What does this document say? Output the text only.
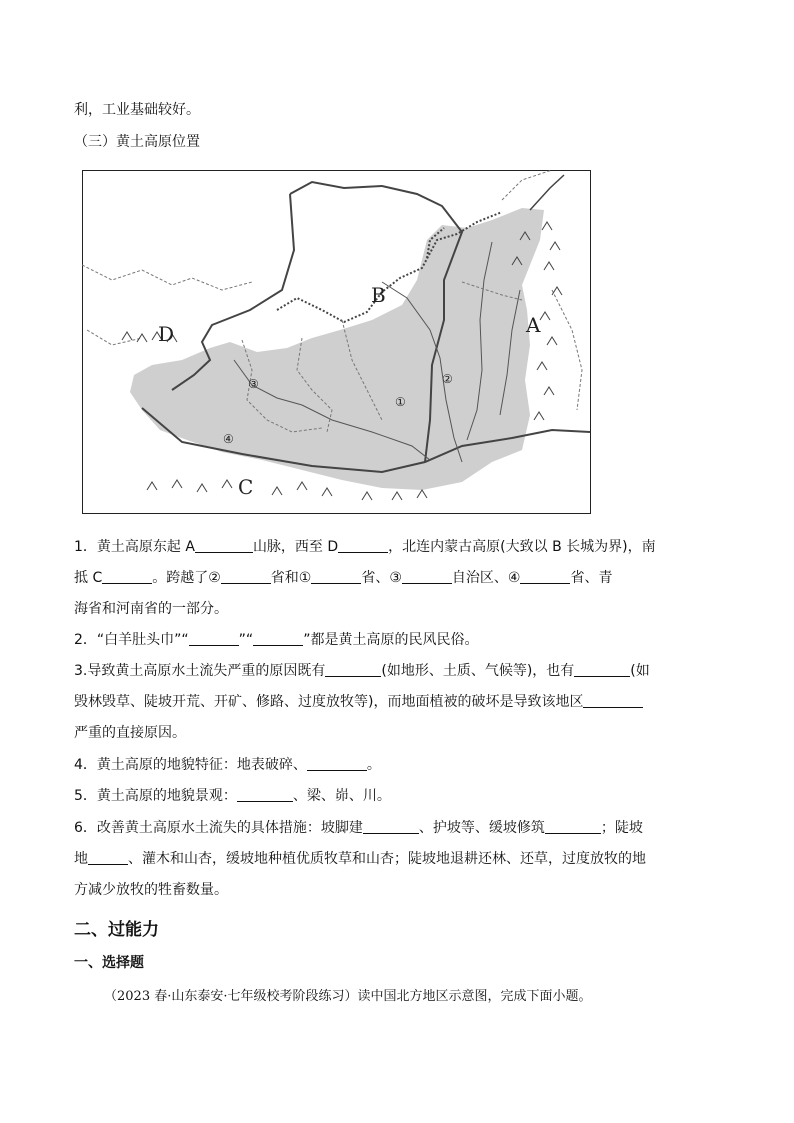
利，工业基础较好。
（三）黄土高原位置
A
B
C
D
①
②
③
④
1．黄土高原东起 A	山脉，西至 D	，北连内蒙古高原(大致以 B 长城为界)，南
抵 C	。跨越了②	省和①	省、③	自治区、④	省、青
海省和河南省的一部分。
2．“白羊肚头巾”“	”“	”都是黄土高原的民风民俗。
3.导致黄土高原水土流失严重的原因既有	(如地形、土质、气候等)，也有	(如
毁林毁草、陡坡开荒、开矿、修路、过度放牧等)，而地面植被的破坏是导致该地区
严重的直接原因。
4．黄土高原的地貌特征：地表破碎、	。
5．黄土高原的地貌景观：	、梁、峁、川。
6．改善黄土高原水土流失的具体措施：坡脚建	、护坡等、缓坡修筑	；陡坡
地	、灌木和山杏，缓坡地种植优质牧草和山杏；陡坡地退耕还林、还草，过度放牧的地
方减少放牧的牲畜数量。
二、过能力
一、选择题
（2023 春·山东泰安·七年级校考阶段练习）读中国北方地区示意图，完成下面小题。
